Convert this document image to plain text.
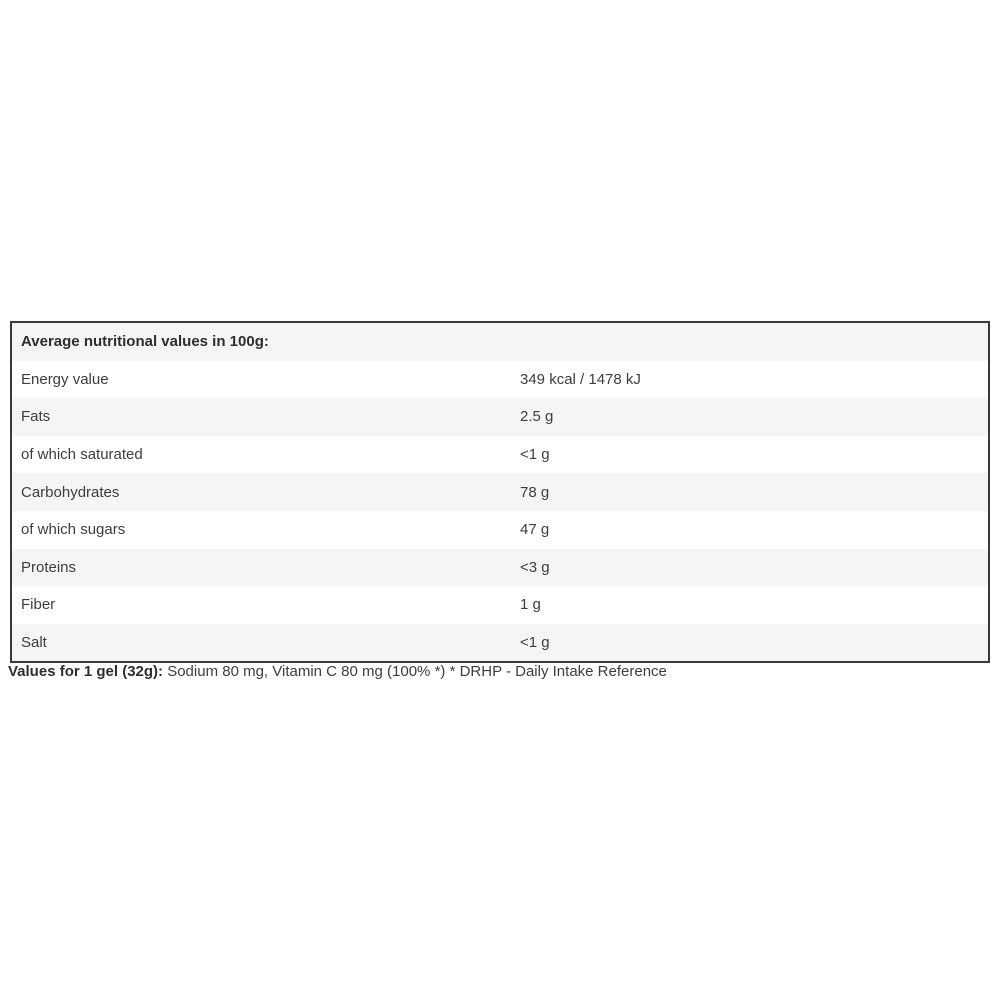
Average nutritional values in 100g:
Energy value	349 kcal / 1478 kJ
Fats	2.5 g
of which saturated	<1 g
Carbohydrates	78 g
of which sugars	47 g
Proteins	<3 g
Fiber	1 g
Salt	<1 g
Values for 1 gel (32g): Sodium 80 mg, Vitamin C 80 mg (100% *) * DRHP - Daily Intake Reference
